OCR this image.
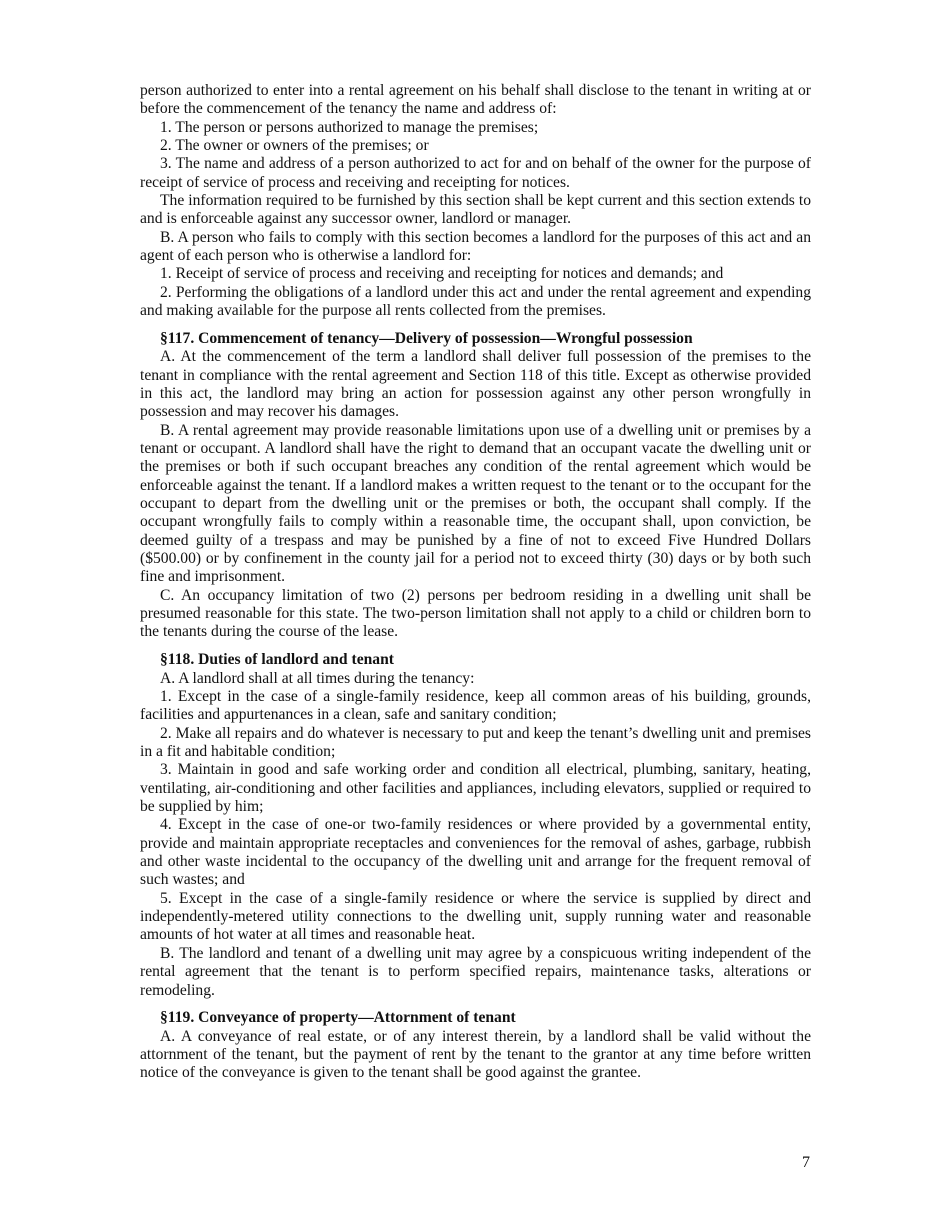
person authorized to enter into a rental agreement on his behalf shall disclose to the tenant in writing at or before the commencement of the tenancy the name and address of:

1. The person or persons authorized to manage the premises;

2. The owner or owners of the premises; or

3. The name and address of a person authorized to act for and on behalf of the owner for the purpose of receipt of service of process and receiving and receipting for notices.

The information required to be furnished by this section shall be kept current and this section extends to and is enforceable against any successor owner, landlord or manager.

B. A person who fails to comply with this section becomes a landlord for the purposes of this act and an agent of each person who is otherwise a landlord for:

1. Receipt of service of process and receiving and receipting for notices and demands; and

2. Performing the obligations of a landlord under this act and under the rental agreement and expending and making available for the purpose all rents collected from the premises.

§117. Commencement of tenancy—Delivery of possession—Wrongful possession

A. At the commencement of the term a landlord shall deliver full possession of the premises to the tenant in compliance with the rental agreement and Section 118 of this title. Except as otherwise provided in this act, the landlord may bring an action for possession against any other person wrongfully in possession and may recover his damages.

B. A rental agreement may provide reasonable limitations upon use of a dwelling unit or premises by a tenant or occupant. A landlord shall have the right to demand that an occupant vacate the dwelling unit or the premises or both if such occupant breaches any condition of the rental agreement which would be enforceable against the tenant. If a landlord makes a written request to the tenant or to the occupant for the occupant to depart from the dwelling unit or the premises or both, the occupant shall comply. If the occupant wrongfully fails to comply within a reasonable time, the occupant shall, upon conviction, be deemed guilty of a trespass and may be punished by a fine of not to exceed Five Hundred Dollars ($500.00) or by confinement in the county jail for a period not to exceed thirty (30) days or by both such fine and imprisonment.

C. An occupancy limitation of two (2) persons per bedroom residing in a dwelling unit shall be presumed reasonable for this state. The two-person limitation shall not apply to a child or children born to the tenants during the course of the lease.

§118. Duties of landlord and tenant

A. A landlord shall at all times during the tenancy:

1. Except in the case of a single-family residence, keep all common areas of his building, grounds, facilities and appurtenances in a clean, safe and sanitary condition;

2. Make all repairs and do whatever is necessary to put and keep the tenant’s dwelling unit and premises in a fit and habitable condition;

3. Maintain in good and safe working order and condition all electrical, plumbing, sanitary, heating, ventilating, air-conditioning and other facilities and appliances, including elevators, supplied or required to be supplied by him;

4. Except in the case of one-or two-family residences or where provided by a governmental entity, provide and maintain appropriate receptacles and conveniences for the removal of ashes, garbage, rubbish and other waste incidental to the occupancy of the dwelling unit and arrange for the frequent removal of such wastes; and

5. Except in the case of a single-family residence or where the service is supplied by direct and independently-metered utility connections to the dwelling unit, supply running water and reasonable amounts of hot water at all times and reasonable heat.

B. The landlord and tenant of a dwelling unit may agree by a conspicuous writing independent of the rental agreement that the tenant is to perform specified repairs, maintenance tasks, alterations or remodeling.

§119. Conveyance of property—Attornment of tenant

A. A conveyance of real estate, or of any interest therein, by a landlord shall be valid without the attornment of the tenant, but the payment of rent by the tenant to the grantor at any time before written notice of the conveyance is given to the tenant shall be good against the grantee.

7
